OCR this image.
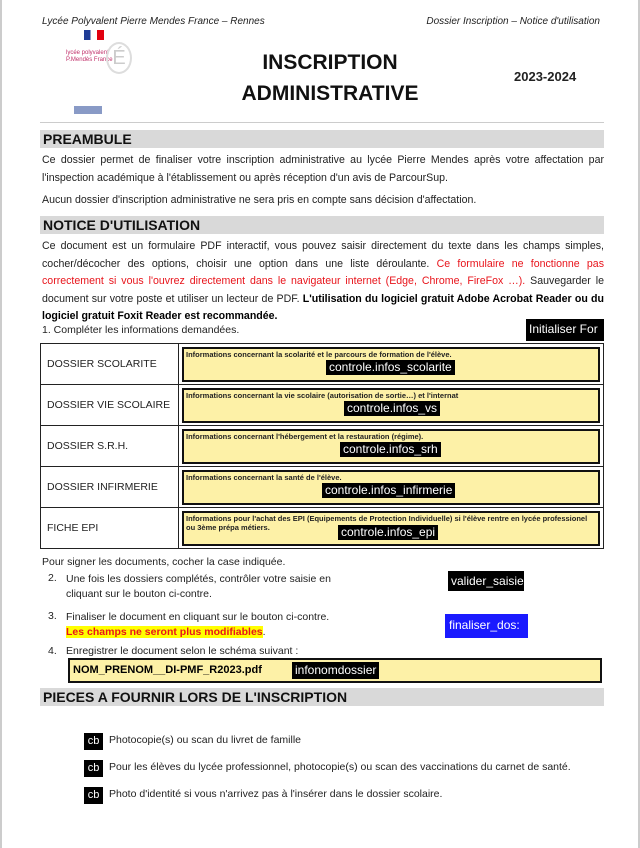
Lycée Polyvalent Pierre Mendes France – Rennes	Dossier Inscription – Notice d'utilisation
lycée polyvalent P.Mendès France É	INSCRIPTION
ADMINISTRATIVE
2023-2024
PREAMBULE
Ce dossier permet de finaliser votre inscription administrative au lycée Pierre Mendes après votre affectation par l'inspection académique à l'établissement ou après réception d'un avis de ParcourSup.
Aucun dossier d'inscription administrative ne sera pris en compte sans décision d'affectation.
NOTICE D'UTILISATION
Ce document est un formulaire PDF interactif, vous pouvez saisir directement du texte dans les champs simples, cocher/décocher des options, choisir une option dans une liste déroulante. Ce formulaire ne fonctionne pas correctement si vous l'ouvrez directement dans le navigateur internet (Edge, Chrome, FireFox …). Sauvegarder le document sur votre poste et utiliser un lecteur de PDF. L'utilisation du logiciel gratuit Adobe Acrobat Reader ou du logiciel gratuit Foxit Reader est recommandée.
1. Compléter les informations demandées.	Initialiser For
DOSSIER SCOLARITE	Informations concernant la scolarité et le parcours de formation de l'élève.
controle.infos_scolarite

DOSSIER VIE SCOLAIRE	Informations concernant la vie scolaire (autorisation de sortie…) et l'internat
controle.infos_vs

DOSSIER S.R.H.	Informations concernant l'hébergement et la restauration (régime).
controle.infos_srh

DOSSIER INFIRMERIE	Informations concernant la santé de l'élève.
controle.infos_infirmerie

FICHE EPI	Informations pour l'achat des EPI (Equipements de Protection Individuelle) si l'élève rentre en lycée professionel ou 3ème prépa métiers. controle.infos_epi
Pour signer les documents, cocher la case indiquée.
2. Une fois les dossiers complétés, contrôler votre saisie en cliquant sur le bouton ci-contre.
valider_saisie
3. Finaliser le document en cliquant sur le bouton ci-contre.
Les champs ne seront plus modifiables.	finaliser_dos:
4. Enregistrer le document selon le schéma suivant :
NOM_PRENOM__DI-PMF_R2023.pdf	infonomdossier
PIECES A FOURNIR LORS DE L'INSCRIPTION
cb Photocopie(s) ou scan du livret de famille
cb Pour les élèves du lycée professionnel, photocopie(s) ou scan des vaccinations du carnet de santé.
cb Photo d'identité si vous n'arrivez pas à l'insérer dans le dossier scolaire.
